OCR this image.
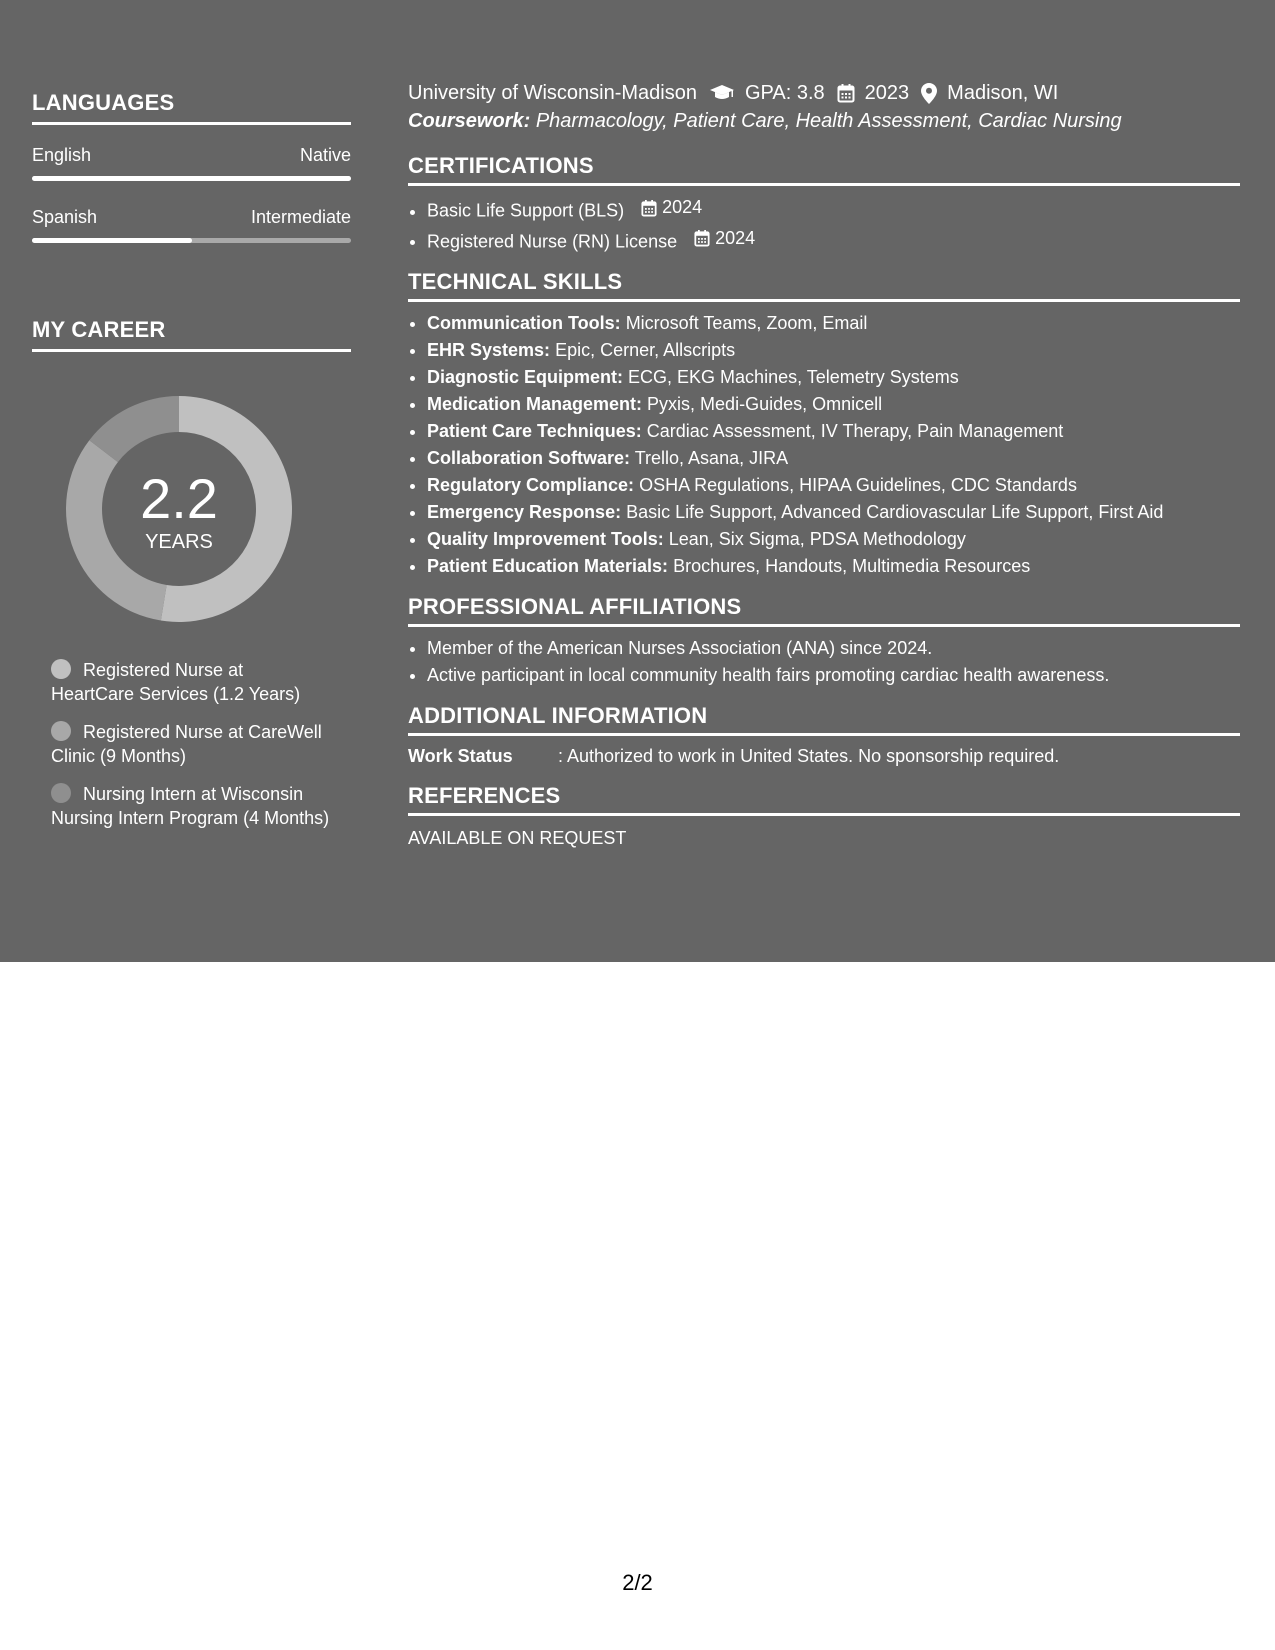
LANGUAGES
English	Native
Spanish	Intermediate
MY CAREER
2.2
YEARS
Registered Nurse at HeartCare Services (1.2 Years)
Registered Nurse at CareWell Clinic (9 Months)
Nursing Intern at Wisconsin Nursing Intern Program (4 Months)
University of Wisconsin-Madison GPA: 3.8 2023 Madison, WI
Coursework: Pharmacology, Patient Care, Health Assessment, Cardiac Nursing
CERTIFICATIONS
• Basic Life Support (BLS) 2024
• Registered Nurse (RN) License 2024
TECHNICAL SKILLS
• Communication Tools: Microsoft Teams, Zoom, Email
• EHR Systems: Epic, Cerner, Allscripts
• Diagnostic Equipment: ECG, EKG Machines, Telemetry Systems
• Medication Management: Pyxis, Medi-Guides, Omnicell
• Patient Care Techniques: Cardiac Assessment, IV Therapy, Pain Management
• Collaboration Software: Trello, Asana, JIRA
• Regulatory Compliance: OSHA Regulations, HIPAA Guidelines, CDC Standards
• Emergency Response: Basic Life Support, Advanced Cardiovascular Life Support, First Aid
• Quality Improvement Tools: Lean, Six Sigma, PDSA Methodology
• Patient Education Materials: Brochures, Handouts, Multimedia Resources
PROFESSIONAL AFFILIATIONS
• Member of the American Nurses Association (ANA) since 2024.
• Active participant in local community health fairs promoting cardiac health awareness.
ADDITIONAL INFORMATION
Work Status	: Authorized to work in United States. No sponsorship required.
REFERENCES
AVAILABLE ON REQUEST
2/2
